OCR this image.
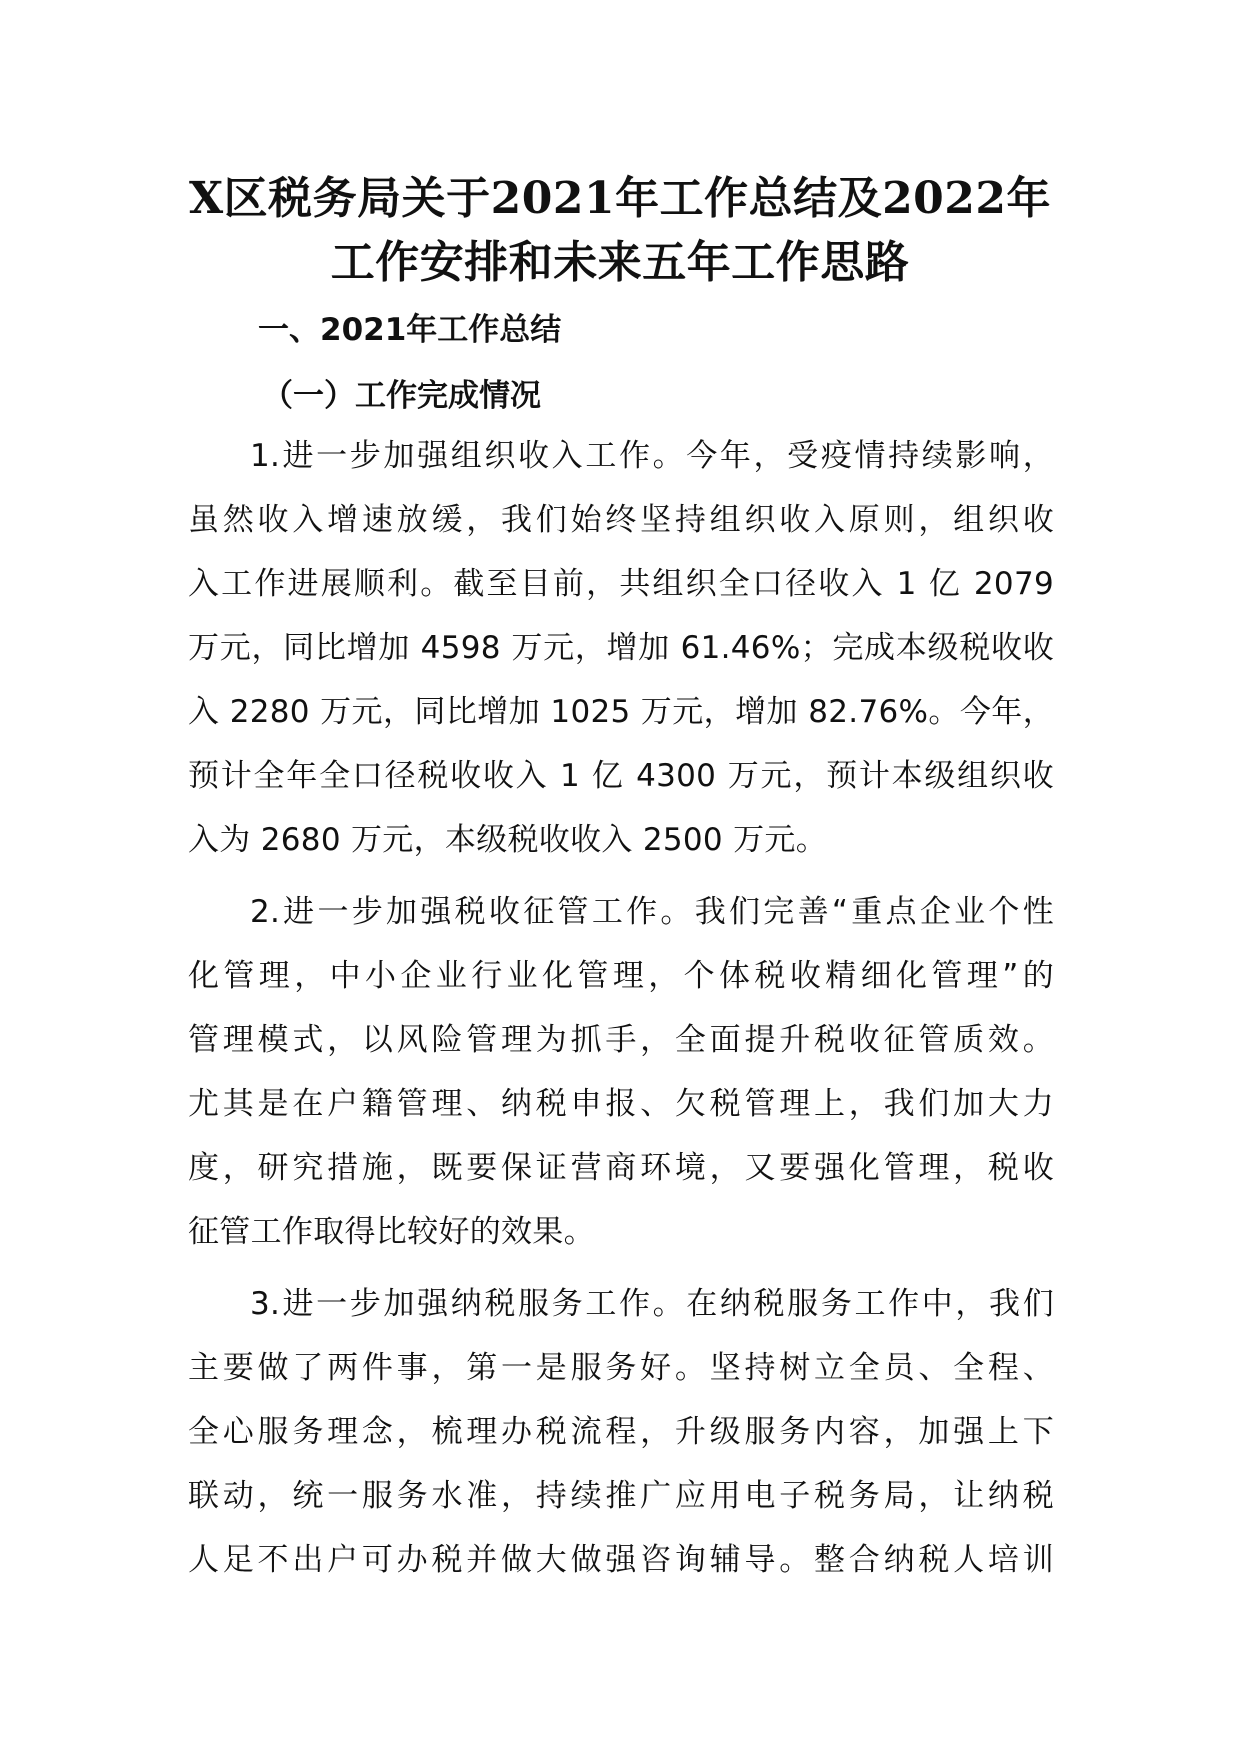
X区税务局关于2021年工作总结及2022年
工作安排和未来五年工作思路
一、2021年工作总结
（一）工作完成情况
1.进一步加强组织收入工作。今年，受疫情持续影响，
虽然收入增速放缓，我们始终坚持组织收入原则，组织收
入工作进展顺利。截至目前，共组织全口径收入 1 亿 2079
万元，同比增加 4598 万元，增加 61.46%；完成本级税收收
入 2280 万元，同比增加 1025 万元，增加 82.76%。今年，
预计全年全口径税收收入 1 亿 4300 万元，预计本级组织收
入为 2680 万元，本级税收收入 2500 万元。
2.进一步加强税收征管工作。我们完善“重点企业个性
化管理，中小企业行业化管理，个体税收精细化管理”的
管理模式，以风险管理为抓手，全面提升税收征管质效。
尤其是在户籍管理、纳税申报、欠税管理上，我们加大力
度，研究措施，既要保证营商环境，又要强化管理，税收
征管工作取得比较好的效果。
3.进一步加强纳税服务工作。在纳税服务工作中，我们
主要做了两件事，第一是服务好。坚持树立全员、全程、
全心服务理念，梳理办税流程，升级服务内容，加强上下
联动，统一服务水准，持续推广应用电子税务局，让纳税
人足不出户可办税并做大做强咨询辅导。整合纳税人培训
